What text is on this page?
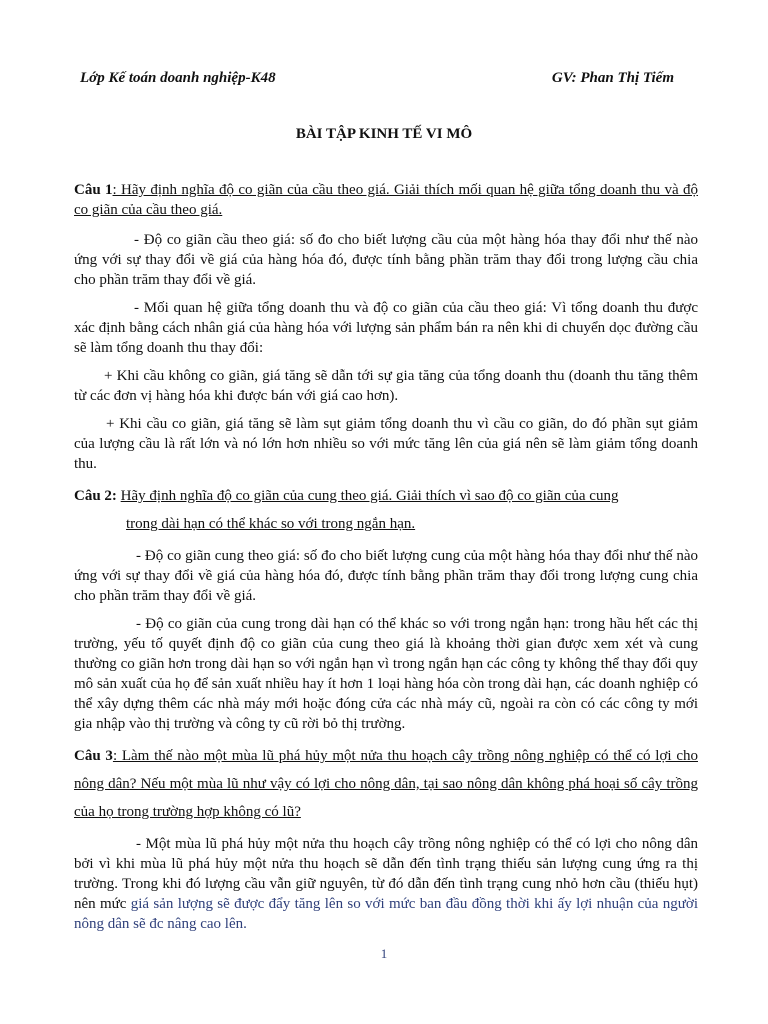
Lớp Kế toán doanh nghiệp-K48	GV: Phan Thị Tiếm
BÀI TẬP KINH TẾ VI MÔ

Câu 1: Hãy định nghĩa độ co giãn của cầu theo giá. Giải thích mối quan hệ giữa tổng doanh thu và độ co giãn của cầu theo giá.

- Độ co giãn cầu theo giá: số đo cho biết lượng cầu của một hàng hóa thay đổi như thế nào ứng với sự thay đổi về giá của hàng hóa đó, được tính bằng phần trăm thay đổi trong lượng cầu chia cho phần trăm thay đổi về giá.

- Mối quan hệ giữa tổng doanh thu và độ co giãn của cầu theo giá: Vì tổng doanh thu được xác định bằng cách nhân giá của hàng hóa với lượng sản phẩm bán ra nên khi di chuyển dọc đường cầu sẽ làm tổng doanh thu thay đổi:

+ Khi cầu không co giãn, giá tăng sẽ dẫn tới sự gia tăng của tổng doanh thu (doanh thu tăng thêm từ các đơn vị hàng hóa khi được bán với giá cao hơn).

+ Khi cầu co giãn, giá tăng sẽ làm sụt giảm tổng doanh thu vì cầu co giãn, do đó phần sụt giảm của lượng cầu là rất lớn và nó lớn hơn nhiều so với mức tăng lên của giá nên sẽ làm giảm tổng doanh thu.

Câu 2: Hãy định nghĩa độ co giãn của cung theo giá. Giải thích vì sao độ co giãn của cung
trong dài hạn có thể khác so với trong ngắn hạn.

- Độ co giãn cung theo giá: số đo cho biết lượng cung của một hàng hóa thay đổi như thế nào ứng với sự thay đổi về giá của hàng hóa đó, được tính bằng phần trăm thay đổi trong lượng cung chia cho phần trăm thay đổi về giá.

- Độ co giãn của cung trong dài hạn có thể khác so với trong ngắn hạn: trong hầu hết các thị trường, yếu tố quyết định độ co giãn của cung theo giá là khoảng thời gian được xem xét và cung thường co giãn hơn trong dài hạn so với ngắn hạn vì trong ngắn hạn các công ty không thể thay đổi quy mô sản xuất của họ để sản xuất nhiều hay ít hơn 1 loại hàng hóa còn trong dài hạn, các doanh nghiệp có thể xây dựng thêm các nhà máy mới hoặc đóng cửa các nhà máy cũ, ngoài ra còn có các công ty mới gia nhập vào thị trường và công ty cũ rời bỏ thị trường.

Câu 3: Làm thế nào một mùa lũ phá hủy một nửa thu hoạch cây trồng nông nghiệp có thể có lợi cho nông dân? Nếu một mùa lũ như vậy có lợi cho nông dân, tại sao nông dân không phá hoại số cây trồng của họ trong trường hợp không có lũ?

- Một mùa lũ phá hủy một nửa thu hoạch cây trồng nông nghiệp có thể có lợi cho nông dân bởi vì khi mùa lũ phá hủy một nửa thu hoạch sẽ dẫn đến tình trạng thiếu sản lượng cung ứng ra thị trường. Trong khi đó lượng cầu vẫn giữ nguyên, từ đó dẫn đến tình trạng cung nhỏ hơn cầu (thiếu hụt) nên mức giá sản lượng sẽ được đẩy tăng lên so với mức ban đầu đồng thời khi ấy lợi nhuận của người nông dân sẽ đc nâng cao lên.

1
